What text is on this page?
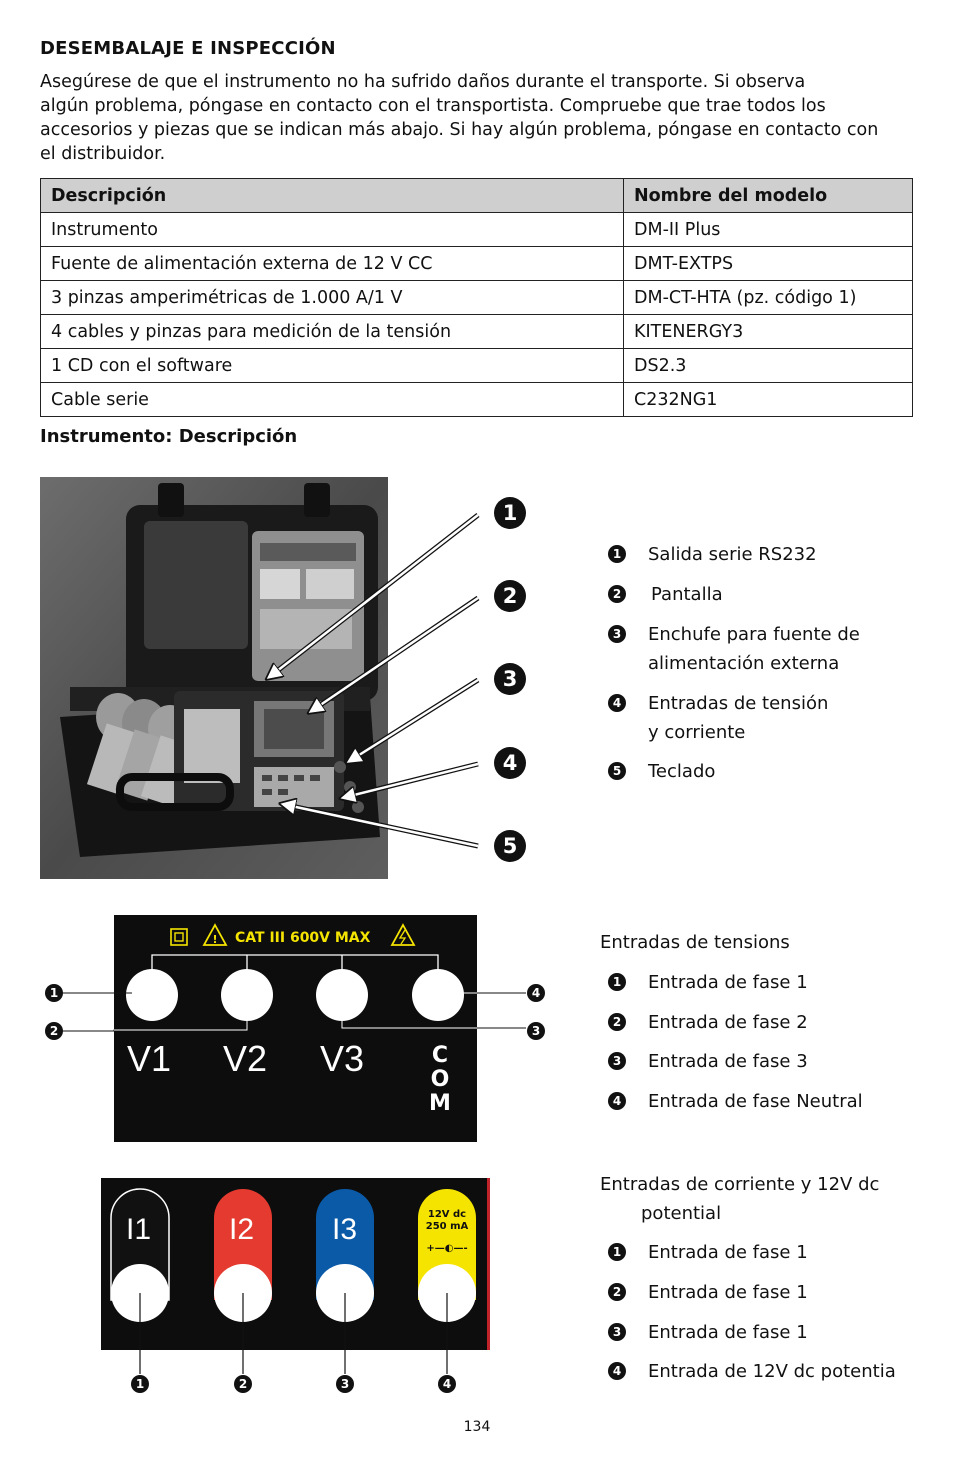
DESEMBALAJE E INSPECCIÓN
Asegúrese de que el instrumento no ha sufrido daños durante el transporte. Si observa
algún problema, póngase en contacto con el transportista. Compruebe que trae todos los
accesorios y piezas que se indican más abajo. Si hay algún problema, póngase en contacto con
el distribuidor.
Descripción	Nombre del modelo
Instrumento	DM-II Plus
Fuente de alimentación externa de 12 V CC	DMT-EXTPS
3 pinzas amperimétricas de 1.000 A/1 V	DM-CT-HTA (pz. código 1)
4 cables y pinzas para medición de la tensión	KITENERGY3
1 CD con el software	DS2.3
Cable serie	C232NG1
Instrumento: Descripción
1
2
3
4
5
1 Salida serie RS232
2 Pantalla
3 Enchufe para fuente de
alimentación externa
4 Entradas de tensión
y corriente
5 Teclado
! CAT III 600V MAX
V1 V2 V3	C
O
M
1
2	3
4
Entradas de tensions
1 Entrada de fase 1
2 Entrada de fase 2
3 Entrada de fase 3
4 Entrada de fase Neutral
I1	I2	I3	12V dc
250 mA
+—◐—-
1	2	3	4
Entradas de corriente y 12V dc
potential
1 Entrada de fase 1
2 Entrada de fase 1
3 Entrada de fase 1
4 Entrada de 12V dc potentia
134
